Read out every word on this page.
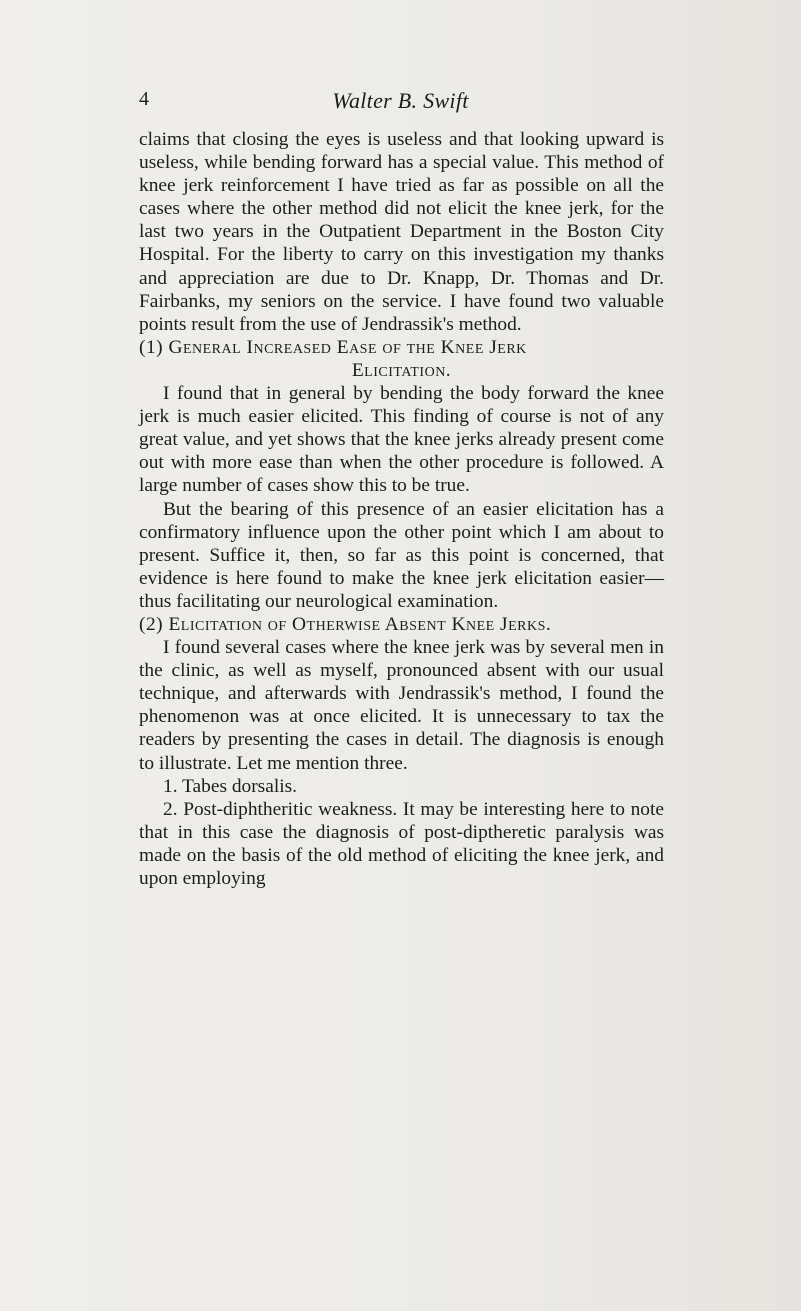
4	Walter B. Swift

claims that closing the eyes is useless and that looking upward is useless, while bending forward has a special value. This method of knee jerk reinforcement I have tried as far as possible on all the cases where the other method did not elicit the knee jerk, for the last two years in the Outpatient Department in the Boston City Hospital. For the liberty to carry on this investigation my thanks and appreciation are due to Dr. Knapp, Dr. Thomas and Dr. Fairbanks, my seniors on the service. I have found two valuable points result from the use of Jendrassik's method.

(1) General Increased Ease of the Knee Jerk
Elicitation.

I found that in general by bending the body forward the knee jerk is much easier elicited. This finding of course is not of any great value, and yet shows that the knee jerks already present come out with more ease than when the other procedure is followed. A large number of cases show this to be true.

But the bearing of this presence of an easier elicitation has a confirmatory influence upon the other point which I am about to present. Suffice it, then, so far as this point is concerned, that evidence is here found to make the knee jerk elicitation easier—thus facilitating our neurological examination.

(2) Elicitation of Otherwise Absent Knee Jerks.

I found several cases where the knee jerk was by several men in the clinic, as well as myself, pronounced absent with our usual technique, and afterwards with Jendrassik's method, I found the phenomenon was at once elicited. It is unnecessary to tax the readers by presenting the cases in detail. The diagnosis is enough to illustrate. Let me mention three.

1. Tabes dorsalis.

2. Post-diphtheritic weakness. It may be interesting here to note that in this case the diagnosis of post-diptheretic paralysis was made on the basis of the old method of eliciting the knee jerk, and upon employing
